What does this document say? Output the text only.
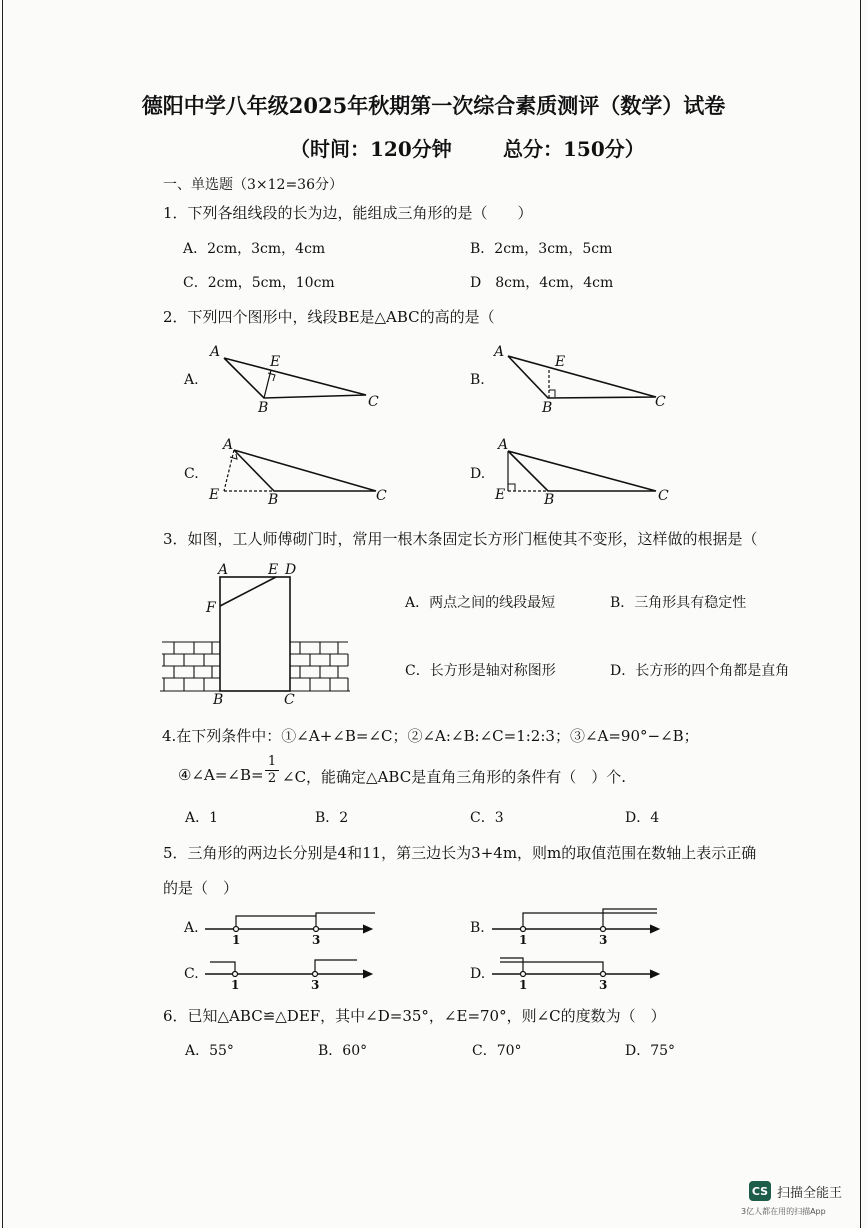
德阳中学八年级2025年秋期第一次综合素质测评（数学）试卷
（时间：120分钟	总分：150分）
一、单选题（3×12=36分）
1．下列各组线段的长为边，能组成三角形的是（　　）
A．2cm，3cm，4cm	B．2cm，3cm，5cm
C．2cm，5cm，10cm	D　8cm，4cm，4cm
2．下列四个图形中，线段BE是△ABC的高的是（
A.	B.
C.	D.
A
E
B	C
A
E
B	C
A
E	B	C
A
E	B	C
3．如图，工人师傅砌门时，常用一根木条固定长方形门框使其不变形，这样做的根据是（
A	E D
F
B	C
A．两点之间的线段最短	B．三角形具有稳定性
C．长方形是轴对称图形	D．长方形的四个角都是直角
4.在下列条件中：①∠A+∠B=∠C；②∠A:∠B:∠C=1:2:3；③∠A=90°−∠B；
④∠A=∠B=
1
2 ∠C，能确定△ABC是直角三角形的条件有（　）个.
A．1	B．2	C．3	D．4
5．三角形的两边长分别是4和11，第三边长为3+4m，则m的取值范围在数轴上表示正确
的是（　）
A.	B.
C.	D.
1	3	1	3
1	3	1	3
6．已知△ABC≌△DEF，其中∠D=35°，∠E=70°，则∠C的度数为（　）
A．55°	B．60°	C．70°	D．75°
CS 扫描全能王
3亿人都在用的扫描App
